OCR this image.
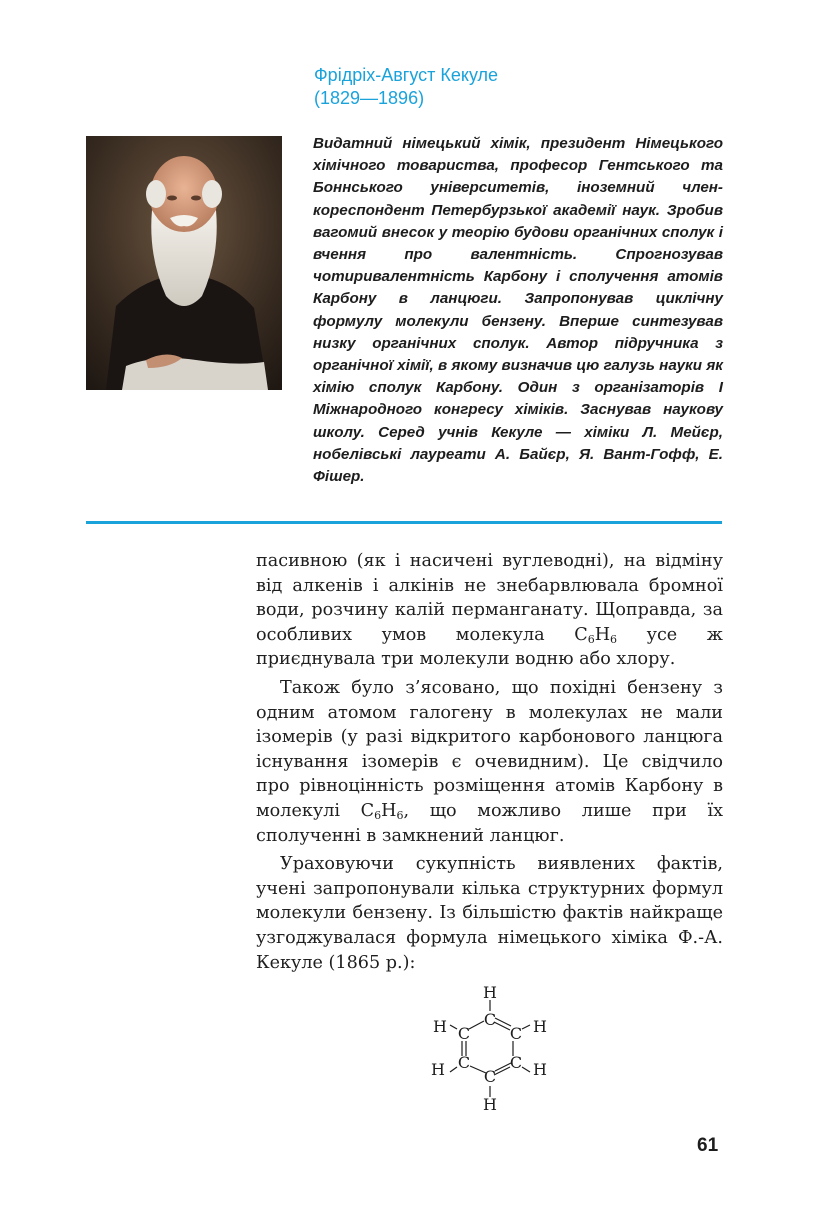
Фрідріх-Август Кекуле
(1829—1896)

Видатний німецький хімік, президент Німецького хімічного товариства, професор Гентського та Боннського університетів, іноземний член-кореспондент Петербурзької академії наук. Зробив вагомий внесок у теорію будови органічних сполук і вчення про валентність. Спрогнозував чотиривалентність Карбону і сполучення атомів Карбону в ланцюги. Запропонував циклічну формулу молекули бензену. Вперше синтезував низку органічних сполук. Автор підручника з органічної хімії, в якому визначив цю галузь науки як хімію сполук Карбону. Один з організаторів І Міжнародного конгресу хіміків. Заснував наукову школу. Серед учнів Кекуле — хіміки Л. Мейєр, нобелівські лауреати А. Байєр, Я. Вант-Гофф, Е. Фішер.

пасивною (як і насичені вуглеводні), на відміну від алкенів і алкінів не знебарвлювала бромної води, розчину калій перманганату. Щоправда, за особливих умов молекула $C_6H_6$ усе ж приєднувала три молекули водню або хлору.

Також було з’ясовано, що похідні бензену з одним атомом галогену в молекулах не мали ізомерів (у разі відкритого карбонового ланцюга існування ізомерів є очевидним). Це свідчило про рівноцінність розміщення атомів Карбону в молекулі $C_6H_6$, що можливо лише при їх сполученні в замкнений ланцюг.

Ураховуючи сукупність виявлених фактів, учені запропонували кілька структурних формул молекули бензену. Із більшістю фактів найкраще узгоджувалася формула німецького хіміка Ф.-А. Кекуле (1865 р.):

H
C
C C
C C
C
H	H
H	H
H
61
